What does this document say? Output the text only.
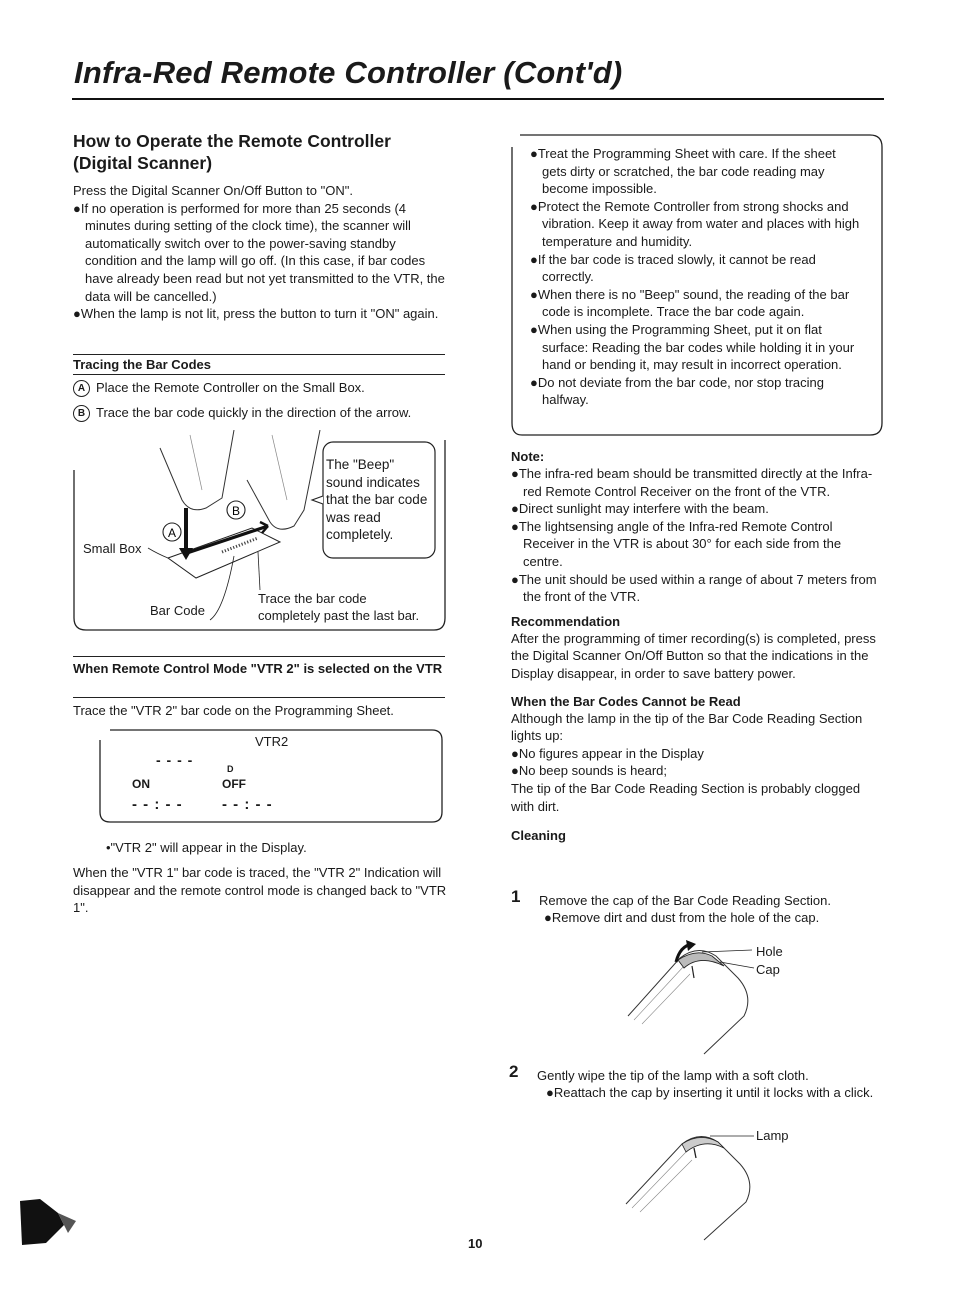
Infra-Red Remote Controller (Cont'd)
How to Operate the Remote Controller
(Digital Scanner)
Press the Digital Scanner On/Off Button to "ON".
●If no operation is performed for more than 25 seconds (4 minutes during setting of the clock time), the scanner will automatically switch over to the power-saving standby condition and the lamp will go off. (In this case, if bar codes have already been read but not yet transmitted to the VTR, the data will be cancelled.)
●When the lamp is not lit, press the button to turn it "ON" again.
Tracing the Bar Codes
A Place the Remote Controller on the Small Box.
B Trace the bar code quickly in the direction of the arrow.
B
A
The "Beep" sound indicates that the bar code was read completely.
Small Box
Bar Code
Trace the bar code
completely past the last bar.
When Remote Control Mode "VTR 2" is selected on the VTR
Trace the "VTR 2" bar code on the Programming Sheet.
VTR2
- - - -
D
ON	OFF
- - : - -	- - : - -
•"VTR 2" will appear in the Display.
When the "VTR 1" bar code is traced, the "VTR 2" Indication will disappear and the remote control mode is changed back to "VTR 1".
●Treat the Programming Sheet with care. If the sheet gets dirty or scratched, the bar code reading may become impossible.
●Protect the Remote Controller from strong shocks and vibration. Keep it away from water and places with high temperature and humidity.
●If the bar code is traced slowly, it cannot be read correctly.
●When there is no "Beep" sound, the reading of the bar code is incomplete. Trace the bar code again.
●When using the Programming Sheet, put it on flat surface: Reading the bar codes while holding it in your hand or bending it, may result in incorrect operation.
●Do not deviate from the bar code, nor stop tracing halfway.
Note:
●The infra-red beam should be transmitted directly at the Infra-red Remote Control Receiver on the front of the VTR.
●Direct sunlight may interfere with the beam.
●The lightsensing angle of the Infra-red Remote Control Receiver in the VTR is about 30° for each side from the centre.
●The unit should be used within a range of about 7 meters from the front of the VTR.
Recommendation
After the programming of timer recording(s) is completed, press the Digital Scanner On/Off Button so that the indications in the Display disappear, in order to save battery power.
When the Bar Codes Cannot be Read
Although the lamp in the tip of the Bar Code Reading Section lights up:
●No figures appear in the Display
●No beep sounds is heard;
The tip of the Bar Code Reading Section is probably clogged with dirt.
Cleaning
1 Remove the cap of the Bar Code Reading Section.
●Remove dirt and dust from the hole of the cap.
Hole
Cap
2 Gently wipe the tip of the lamp with a soft cloth.
●Reattach the cap by inserting it until it locks with a click.
Lamp
10
